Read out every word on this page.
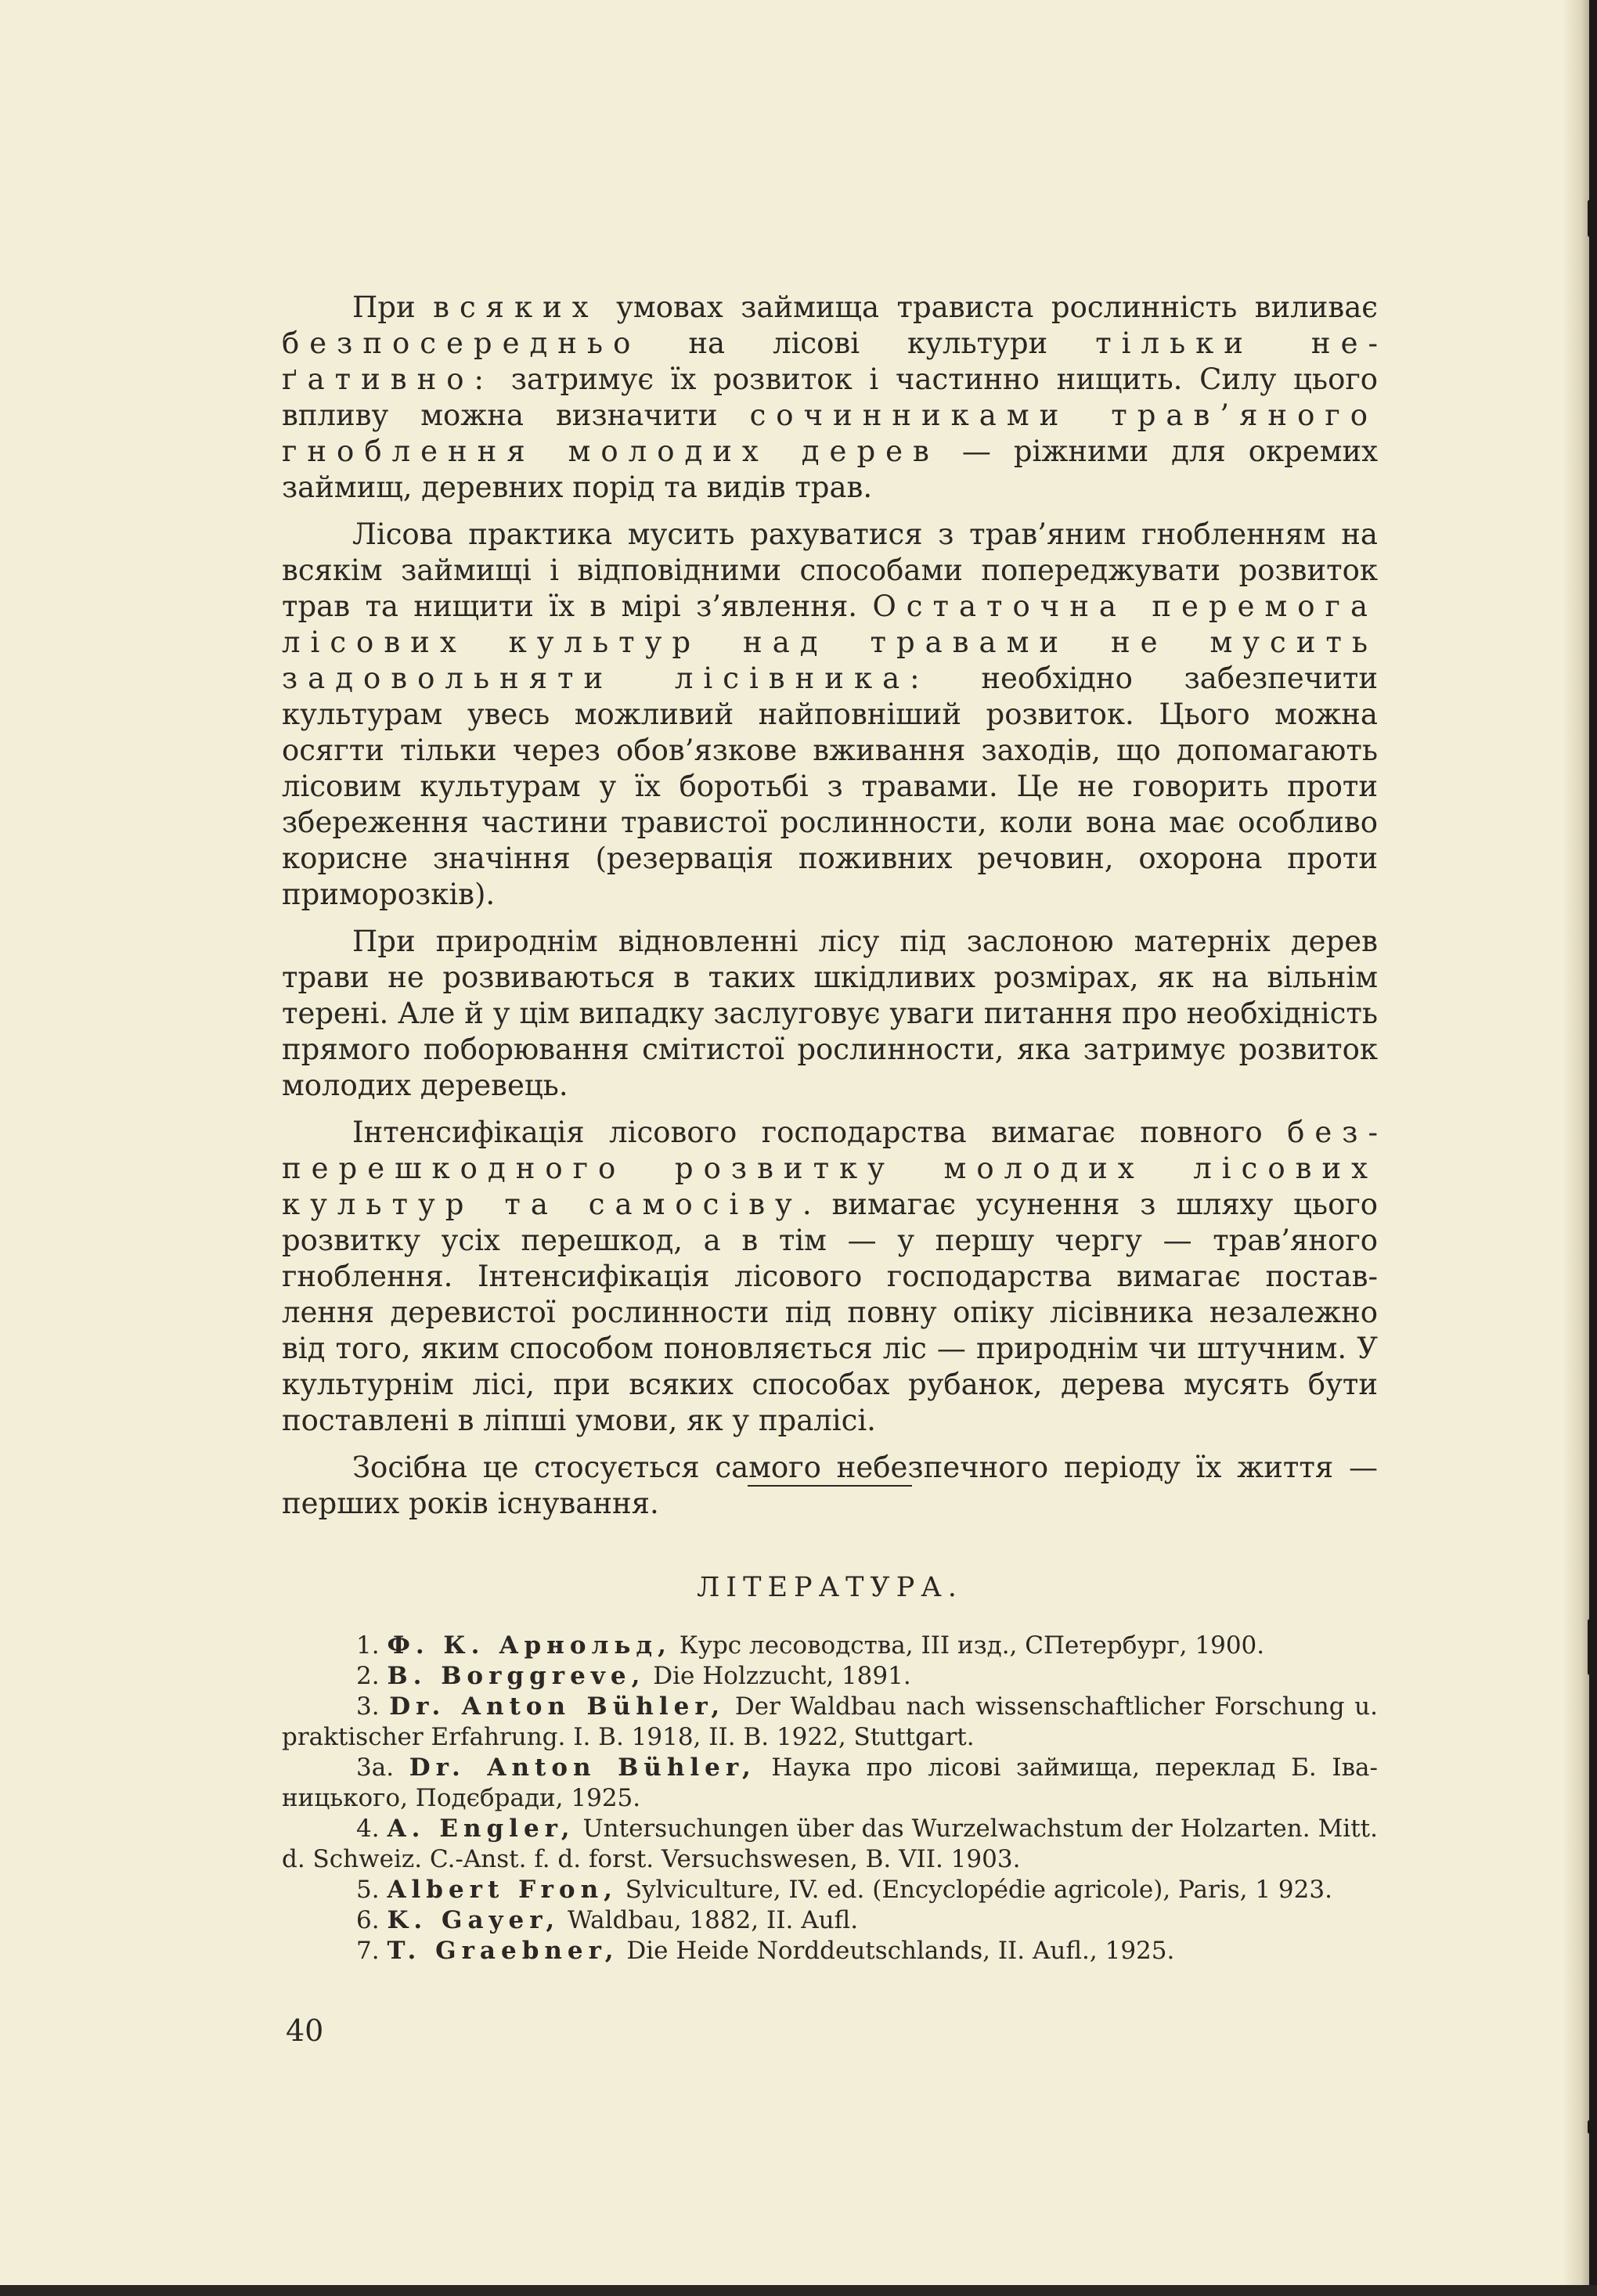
При всяких умовах займища трависта рослинність виливає безпосередньо на лісові культури тільки неґативно: затримує їх розвиток і частинно нищить. Силу цього впливу можна визначити сочинниками трав’яного гноблення молодих дерев — ріжними для окремих займищ, деревних порід та видів трав.

Лісова практика мусить рахуватися з трав’яним гнобленням на всякім займищі і відповідними способами попереджувати розвиток трав та нищити їх в мірі з’явлення. Остаточна перемога лісових культур над травами не мусить задовольняти лісівника: необхідно забезпечити культурам увесь можливий найповніший розвиток. Цього можна осягти тільки через обов’язкове вживання заходів, що допомагають лісовим культурам у їх боротьбі з травами. Це не говорить проти збереження частини травистої рослинности, коли вона має особливо корисне значіння (резервація поживних речовин, охорона проти приморозків).

При природнім відновленні лісу під заслоною матерніх дерев трави не розвиваються в таких шкідливих розмірах, як на вільнім терені. Але й у цім випадку заслуговує уваги питання про необхідність прямого поборювання смітистої рослинности, яка затримує розвиток молодих деревець.

Інтенсифікація лісового господарства вимагає повного безперешкодного розвитку молодих лісових культур та самосіву. вимагає усунення з шляху цього розвитку усіх перешкод, а в тім — у першу чергу — трав’яного гноблення. Інтенсифікація лісового господарства вимагає поставлення деревистої рослинности під повну опіку лісівника незалежно від того, яким способом поновляється ліс — природнім чи штучним. У культурнім лісі, при всяких способах рубанок, дерева мусять бути поставлені в ліпші умови, як у пралісі.

Зосібна це стосується самого небезпечного періоду їх життя — перших років існування.

ЛІТЕРАТУРА.
1. Ф. К. Арнольд, Курс лесоводства, III изд., СПетербург, 1900.
2. В. Borggreve, Die Holzzucht, 1891.
3. Dr. Anton Bühler, Der Waldbau nach wissenschaftlicher Forschung u. praktischer Erfahrung. I. B. 1918, II. B. 1922, Stuttgart.
3a. Dr. Anton Bühler, Наука про лісові займища, переклад Б. Іваницького, Подєбради, 1925.
4. A. Engler, Untersuchungen über das Wurzelwachstum der Holzarten. Mitt. d. Schweiz. C.-Anst. f. d. forst. Versuchswesen, B. VII. 1903.
5. Albert Fron, Sylviculture, IV. ed. (Encyclopédie agricole), Paris, 1 923.
6. K. Gayer, Waldbau, 1882, II. Aufl.
7. T. Graebner, Die Heide Norddeutschlands, II. Aufl., 1925.
40
